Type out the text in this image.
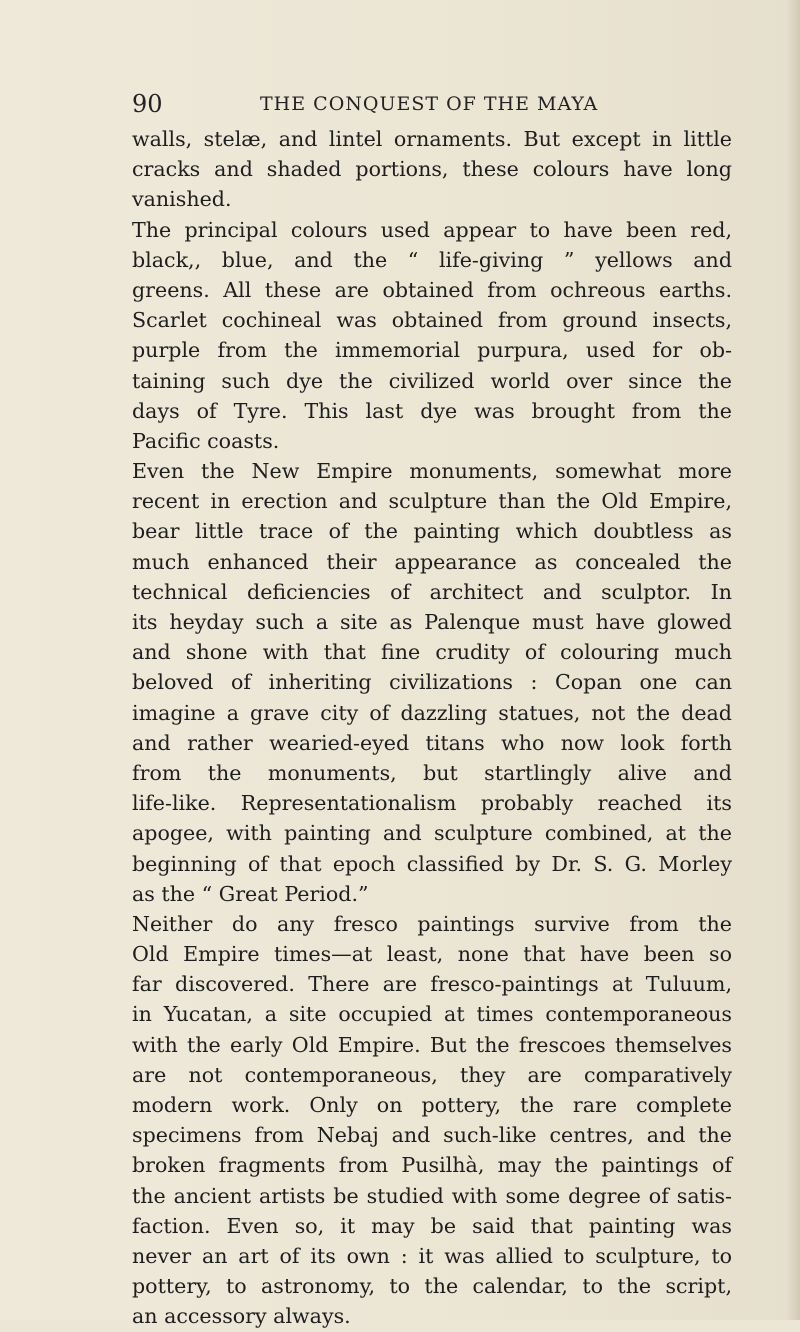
90	THE CONQUEST OF THE MAYA
walls, stelæ, and lintel ornaments. But except in little
cracks and shaded portions, these colours have long
vanished.
The principal colours used appear to have been red,
black,, blue, and the “ life-giving ” yellows and
greens. All these are obtained from ochreous earths.
Scarlet cochineal was obtained from ground insects,
purple from the immemorial purpura, used for ob-
taining such dye the civilized world over since the
days of Tyre. This last dye was brought from the
Pacific coasts.
Even the New Empire monuments, somewhat more
recent in erection and sculpture than the Old Empire,
bear little trace of the painting which doubtless as
much enhanced their appearance as concealed the
technical deficiencies of architect and sculptor. In
its heyday such a site as Palenque must have glowed
and shone with that fine crudity of colouring much
beloved of inheriting civilizations : Copan one can
imagine a grave city of dazzling statues, not the dead
and rather wearied-eyed titans who now look forth
from the monuments, but startlingly alive and
life-like. Representationalism probably reached its
apogee, with painting and sculpture combined, at the
beginning of that epoch classified by Dr. S. G. Morley
as the “ Great Period.”
Neither do any fresco paintings survive from the
Old Empire times—at least, none that have been so
far discovered. There are fresco-paintings at Tuluum,
in Yucatan, a site occupied at times contemporaneous
with the early Old Empire. But the frescoes themselves
are not contemporaneous, they are comparatively
modern work. Only on pottery, the rare complete
specimens from Nebaj and such-like centres, and the
broken fragments from Pusilhà, may the paintings of
the ancient artists be studied with some degree of satis-
faction. Even so, it may be said that painting was
never an art of its own : it was allied to sculpture, to
pottery, to astronomy, to the calendar, to the script,
an accessory always.
